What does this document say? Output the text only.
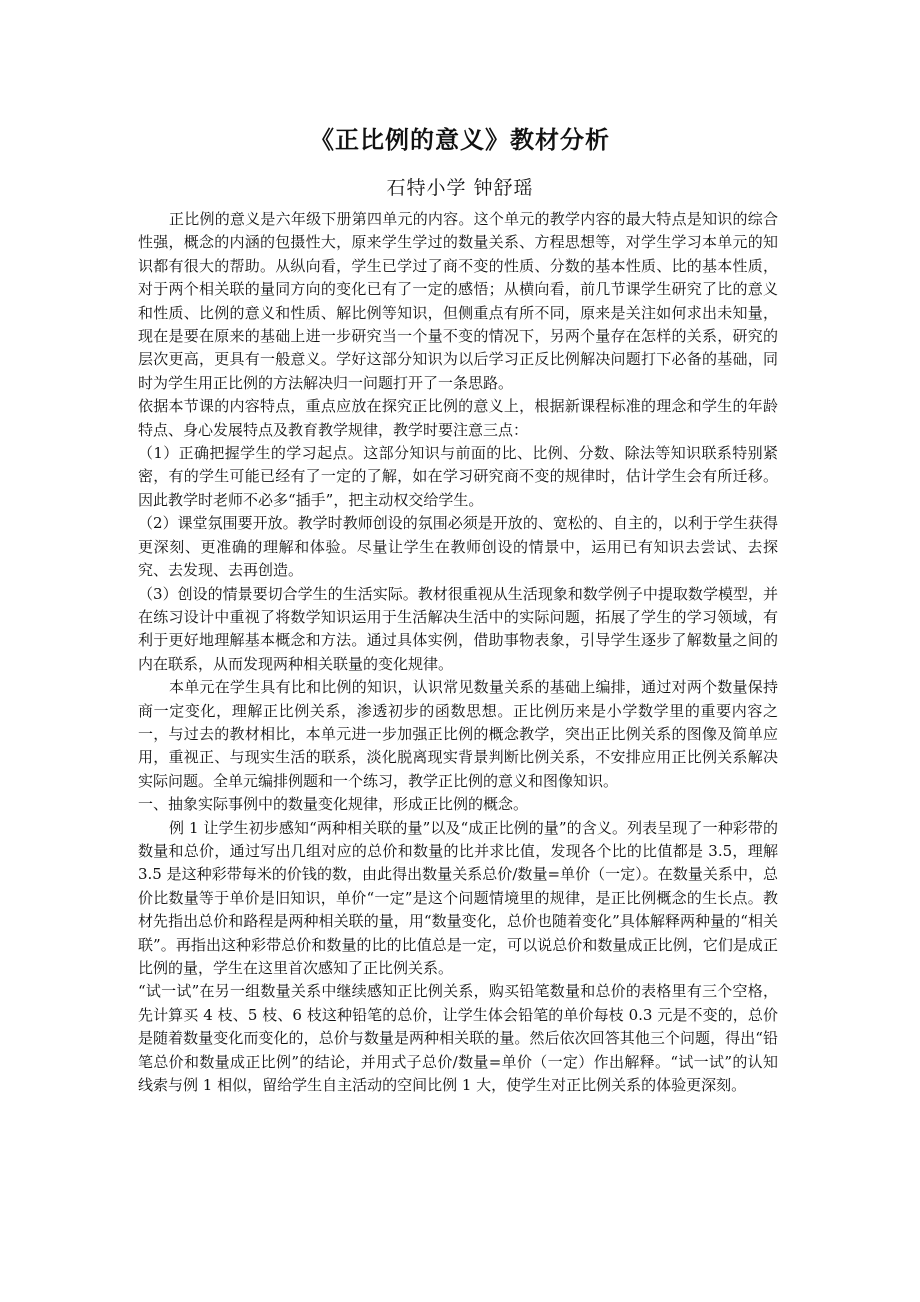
《正比例的意义》教材分析
石特小学 钟舒瑶

正比例的意义是六年级下册第四单元的内容。这个单元的教学内容的最大特点是知识的综合性强，概念的内涵的包摄性大，原来学生学过的数量关系、方程思想等，对学生学习本单元的知识都有很大的帮助。从纵向看，学生已学过了商不变的性质、分数的基本性质、比的基本性质，对于两个相关联的量同方向的变化已有了一定的感悟；从横向看，前几节课学生研究了比的意义和性质、比例的意义和性质、解比例等知识，但侧重点有所不同，原来是关注如何求出未知量，现在是要在原来的基础上进一步研究当一个量不变的情况下，另两个量存在怎样的关系，研究的层次更高，更具有一般意义。学好这部分知识为以后学习正反比例解决问题打下必备的基础，同时为学生用正比例的方法解决归一问题打开了一条思路。

依据本节课的内容特点，重点应放在探究正比例的意义上，根据新课程标准的理念和学生的年龄特点、身心发展特点及教育教学规律，教学时要注意三点：

（1）正确把握学生的学习起点。这部分知识与前面的比、比例、分数、除法等知识联系特别紧密，有的学生可能已经有了一定的了解，如在学习研究商不变的规律时，估计学生会有所迁移。因此教学时老师不必多“插手”，把主动权交给学生。

（2）课堂氛围要开放。教学时教师创设的氛围必须是开放的、宽松的、自主的，以利于学生获得更深刻、更准确的理解和体验。尽量让学生在教师创设的情景中，运用已有知识去尝试、去探究、去发现、去再创造。

（3）创设的情景要切合学生的生活实际。教材很重视从生活现象和数学例子中提取数学模型，并在练习设计中重视了将数学知识运用于生活解决生活中的实际问题，拓展了学生的学习领域，有利于更好地理解基本概念和方法。通过具体实例，借助事物表象，引导学生逐步了解数量之间的内在联系，从而发现两种相关联量的变化规律。

本单元在学生具有比和比例的知识，认识常见数量关系的基础上编排，通过对两个数量保持商一定变化，理解正比例关系，渗透初步的函数思想。正比例历来是小学数学里的重要内容之一，与过去的教材相比，本单元进一步加强正比例的概念教学，突出正比例关系的图像及简单应用，重视正、与现实生活的联系，淡化脱离现实背景判断比例关系，不安排应用正比例关系解决实际问题。全单元编排例题和一个练习，教学正比例的意义和图像知识。

一、抽象实际事例中的数量变化规律，形成正比例的概念。

例 1 让学生初步感知“两种相关联的量”以及“成正比例的量”的含义。列表呈现了一种彩带的数量和总价，通过写出几组对应的总价和数量的比并求比值，发现各个比的比值都是 3.5，理解 3.5 是这种彩带每米的价钱的数，由此得出数量关系总价/数量=单价（一定）。在数量关系中，总价比数量等于单价是旧知识，单价“一定”是这个问题情境里的规律，是正比例概念的生长点。教材先指出总价和路程是两种相关联的量，用“数量变化，总价也随着变化”具体解释两种量的“相关联”。再指出这种彩带总价和数量的比的比值总是一定，可以说总价和数量成正比例，它们是成正比例的量，学生在这里首次感知了正比例关系。

“试一试”在另一组数量关系中继续感知正比例关系，购买铅笔数量和总价的表格里有三个空格，先计算买 4 枝、5 枝、6 枝这种铅笔的总价，让学生体会铅笔的单价每枝 0.3 元是不变的，总价是随着数量变化而变化的，总价与数量是两种相关联的量。然后依次回答其他三个问题，得出“铅笔总价和数量成正比例”的结论，并用式子总价/数量=单价（一定）作出解释。“试一试”的认知线索与例 1 相似，留给学生自主活动的空间比例 1 大，使学生对正比例关系的体验更深刻。
